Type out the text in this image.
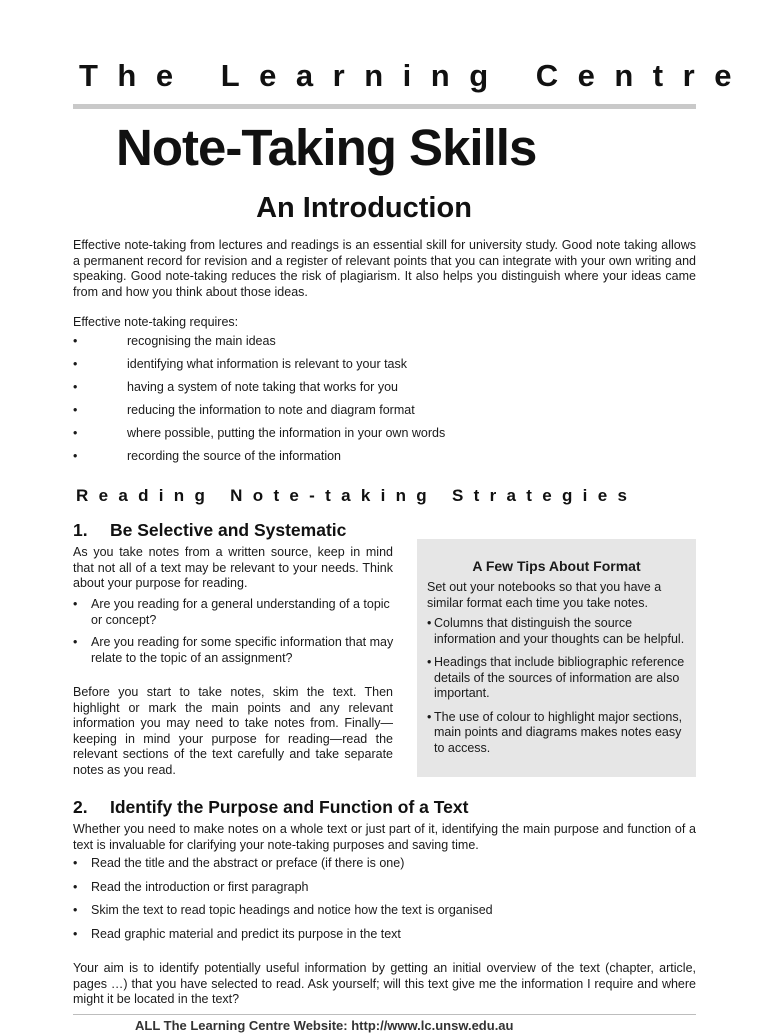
The Learning Centre
Note-Taking Skills
An Introduction

Effective note-taking from lectures and readings is an essential skill for university study. Good note taking allows a permanent record for revision and a register of relevant points that you can integrate with your own writing and speaking. Good note-taking reduces the risk of plagiarism. It also helps you distinguish where your ideas came from and how you think about those ideas.

Effective note-taking requires:

•	recognising the main ideas
•	identifying what information is relevant to your task
•	having a system of note taking that works for you
•	reducing the information to note and diagram format
•	where possible, putting the information in your own words
•	recording the source of the information
Reading Note-taking Strategies
1. Be Selective and Systematic

As you take notes from a written source, keep in mind that not all of a text may be relevant to your needs. Think about your purpose for reading.

• Are you reading for a general understanding of a topic or concept?
• Are you reading for some specific information that may relate to the topic of an assignment?

Before you start to take notes, skim the text. Then highlight or mark the main points and any relevant information you may need to take notes from. Finally—keeping in mind your purpose for reading—read the relevant sections of the text carefully and take separate notes as you read.

A Few Tips About Format

Set out your notebooks so that you have a similar format each time you take notes.

• Columns that distinguish the source information and your thoughts can be helpful.
• Headings that include bibliographic reference details of the sources of information are also important.
• The use of colour to highlight major sections, main points and diagrams makes notes easy to access.
2. Identify the Purpose and Function of a Text

Whether you need to make notes on a whole text or just part of it, identifying the main purpose and function of a text is invaluable for clarifying your note-taking purposes and saving time.

• Read the title and the abstract or preface (if there is one)
• Read the introduction or first paragraph
• Skim the text to read topic headings and notice how the text is organised
• Read graphic material and predict its purpose in the text

Your aim is to identify potentially useful information by getting an initial overview of the text (chapter, article, pages …) that you have selected to read. Ask yourself; will this text give me the information I require and where might it be located in the text?

ALL The Learning Centre Website: http://www.lc.unsw.edu.au
